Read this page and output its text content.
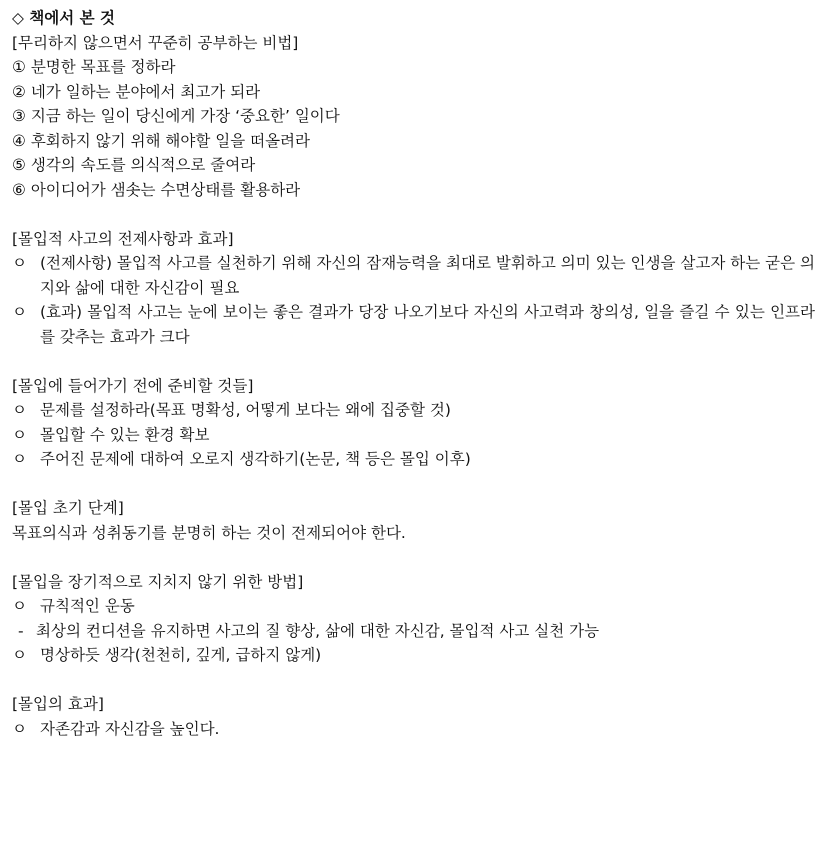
◇ 책에서 본 것
[무리하지 않으면서 꾸준히 공부하는 비법]
① 분명한 목표를 정하라
② 네가 일하는 분야에서 최고가 되라
③ 지금 하는 일이 당신에게 가장 ‘중요한’ 일이다
④ 후회하지 않기 위해 해야할 일을 떠올려라
⑤ 생각의 속도를 의식적으로 줄여라
⑥ 아이디어가 샘솟는 수면상태를 활용하라
[몰입적 사고의 전제사항과 효과]
ㅇ (전제사항) 몰입적 사고를 실천하기 위해 자신의 잠재능력을 최대로 발휘하고 의미 있는 인생을 살고자 하는 굳은 의지와 삶에 대한 자신감이 필요
ㅇ (효과) 몰입적 사고는 눈에 보이는 좋은 결과가 당장 나오기보다 자신의 사고력과 창의성, 일을 즐길 수 있는 인프라를 갖추는 효과가 크다
[몰입에 들어가기 전에 준비할 것들]
ㅇ 문제를 설정하라(목표 명확성, 어떻게 보다는 왜에 집중할 것)
ㅇ 몰입할 수 있는 환경 확보
ㅇ 주어진 문제에 대하여 오로지 생각하기(논문, 책 등은 몰입 이후)
[몰입 초기 단계]
목표의식과 성취동기를 분명히 하는 것이 전제되어야 한다.
[몰입을 장기적으로 지치지 않기 위한 방법]
ㅇ 규칙적인 운동
- 최상의 컨디션을 유지하면 사고의 질 향상, 삶에 대한 자신감, 몰입적 사고 실천 가능
ㅇ 명상하듯 생각(천천히, 깊게, 급하지 않게)
[몰입의 효과]
ㅇ 자존감과 자신감을 높인다.
